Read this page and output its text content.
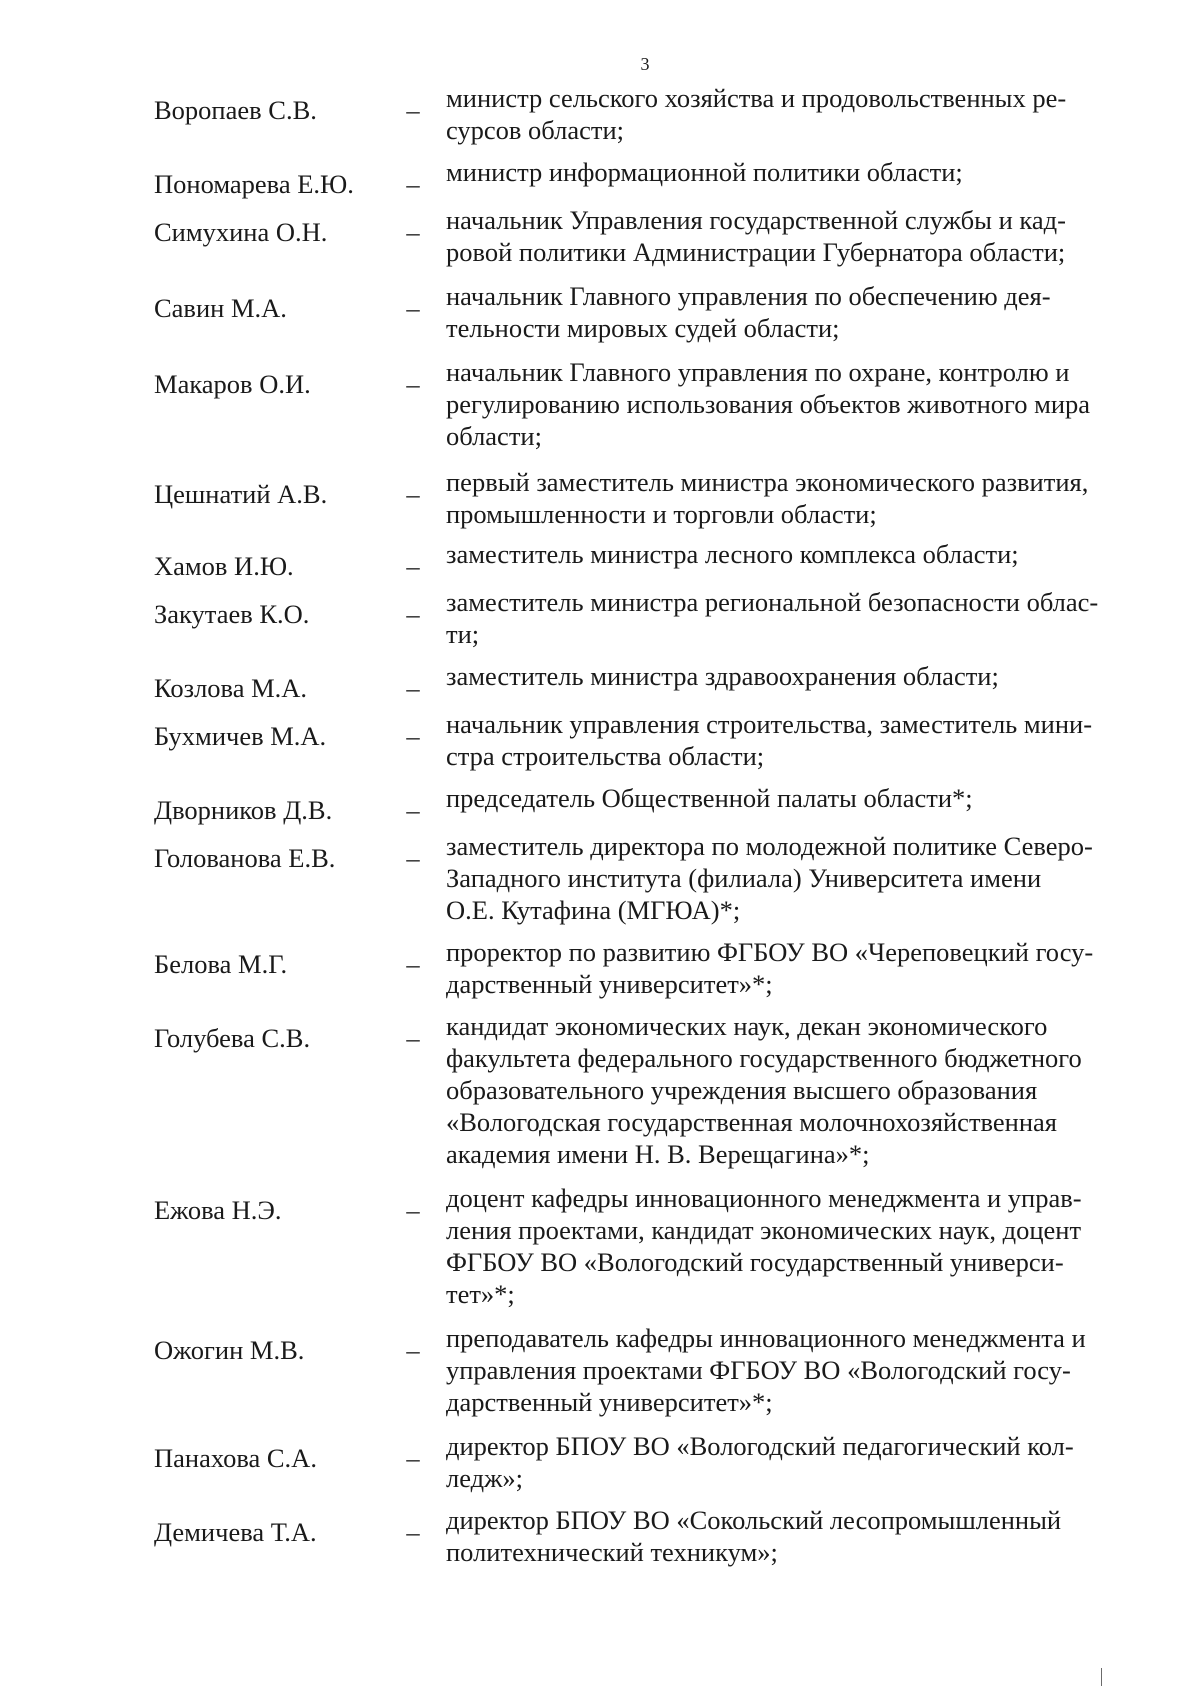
3
Воропаев С.В.	– министр сельского хозяйства и продовольственных ре-
сурсов области;
Пономарева Е.Ю.	– министр информационной политики области;
Симухина О.Н.	– начальник Управления государственной службы и кад-
ровой политики Администрации Губернатора области;
Савин М.А.	– начальник Главного управления по обеспечению дея-
тельности мировых судей области;
Макаров О.И.	– начальник Главного управления по охране, контролю и
регулированию использования объектов животного мира
области;
Цешнатий А.В.	– первый заместитель министра экономического развития,
промышленности и торговли области;
Хамов И.Ю.	– заместитель министра лесного комплекса области;
Закутаев К.О.	– заместитель министра региональной безопасности облас-
ти;
Козлова М.А.	– заместитель министра здравоохранения области;
Бухмичев М.А.	– начальник управления строительства, заместитель мини-
стра строительства области;
Дворников Д.В.	– председатель Общественной палаты области*;
Голованова Е.В.	– заместитель директора по молодежной политике Северо-
Западного института (филиала) Университета имени
О.Е. Кутафина (МГЮА)*;
Белова М.Г.	– проректор по развитию ФГБОУ ВО «Череповецкий госу-
дарственный университет»*;
Голубева С.В.	– кандидат экономических наук, декан экономического
факультета федерального государственного бюджетного
образовательного учреждения высшего образования
«Вологодская государственная молочнохозяйственная
академия имени Н. В. Верещагина»*;
Ежова Н.Э.	– доцент кафедры инновационного менеджмента и управ-
ления проектами, кандидат экономических наук, доцент
ФГБОУ ВО «Вологодский государственный универси-
тет»*;
Ожогин М.В.	– преподаватель кафедры инновационного менеджмента и
управления проектами ФГБОУ ВО «Вологодский госу-
дарственный университет»*;
Панахова С.А.	– директор БПОУ ВО «Вологодский педагогический кол-
ледж»;
Демичева Т.А.	– директор БПОУ ВО «Сокольский лесопромышленный
политехнический техникум»;
